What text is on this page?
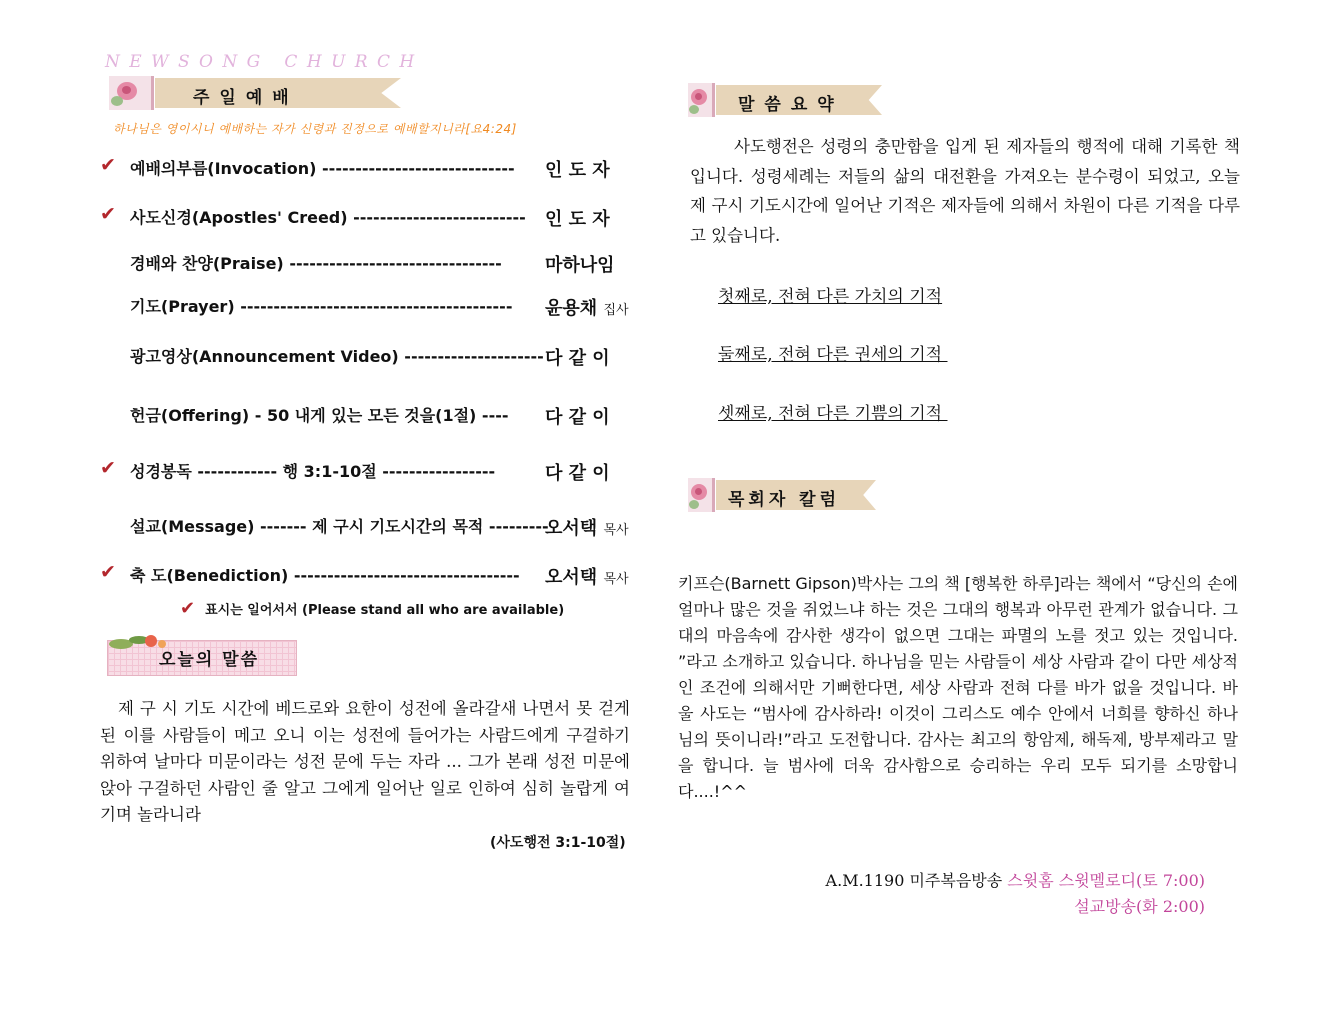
N E W S O N G   C H U R C H
주일예배
하나님은 영이시니 예배하는 자가 신령과 진정으로 예배할지니라[요4:24]
✔ 예배의부름(Invocation) ----------------------------- 인 도 자
✔ 사도신경(Apostles' Creed) -------------------------- 인 도 자
경배와 찬양(Praise) -------------------------------- 마하나임
기도(Prayer) ----------------------------------------- 윤용채 집사
광고영상(Announcement Video) --------------------- 다 같 이
헌금(Offering) - 50 내게 있는 모든 것을(1절) ---- 다 같 이
✔ 성경봉독 ------------ 행 3:1-10절 -----------------	다 같 이
설교(Message) ------- 제 구시 기도시간의 목적 ---------
오서택 목사
✔ 축 도(Benediction) ---------------------------------- 오서택 목사
✔ 표시는 일어서서 (Please stand all who are available)
오늘의 말씀
제 구 시 기도 시간에 베드로와 요한이 성전에 올라갈새 나면서 못 걷게 된 이를 사람들이 메고 오니 이는 성전에 들어가는 사람드에게 구걸하기 위하여 날마다 미문이라는 성전 문에 두는 자라 ... 그가 본래 성전 미문에 앉아 구걸하던 사람인 줄 알고 그에게 일어난 일로 인하여 심히 놀랍게 여기며 놀라니라
(사도행전 3:1-10절)
말씀요약
사도행전은 성령의 충만함을 입게 된 제자들의 행적에 대해 기록한 책입니다. 성령세례는 저들의 삶의 대전환을 가져오는 분수령이 되었고, 오늘 제 구시 기도시간에 일어난 기적은 제자들에 의해서 차원이 다른 기적을 다루고 있습니다.
첫째로, 전혀 다른 가치의 기적
둘째로, 전혀 다른 권세의 기적
셋째로, 전혀 다른 기쁨의 기적
목회자 칼럼
키프슨(Barnett Gipson)박사는 그의 책 [행복한 하루]라는 책에서 “당신의 손에 얼마나 많은 것을 쥐었느냐 하는 것은 그대의 행복과 아무런 관계가 없습니다. 그대의 마음속에 감사한 생각이 없으면 그대는 파멸의 노를 젓고 있는 것입니다. ”라고 소개하고 있습니다. 하나님을 믿는 사람들이 세상 사람과 같이 다만 세상적인 조건에 의해서만 기뻐한다면, 세상 사람과 전혀 다를 바가 없을 것입니다. 바울 사도는 “범사에 감사하라! 이것이 그리스도 예수 안에서 너희를 향하신 하나님의 뜻이니라!”라고 도전합니다. 감사는 최고의 항암제, 해독제, 방부제라고 말을 합니다. 늘 범사에 더욱 감사함으로 승리하는 우리 모두 되기를 소망합니다....!^^
A.M.1190 미주복음방송 스윗홈 스윗멜로디(토 7:00)
설교방송(화 2:00)
